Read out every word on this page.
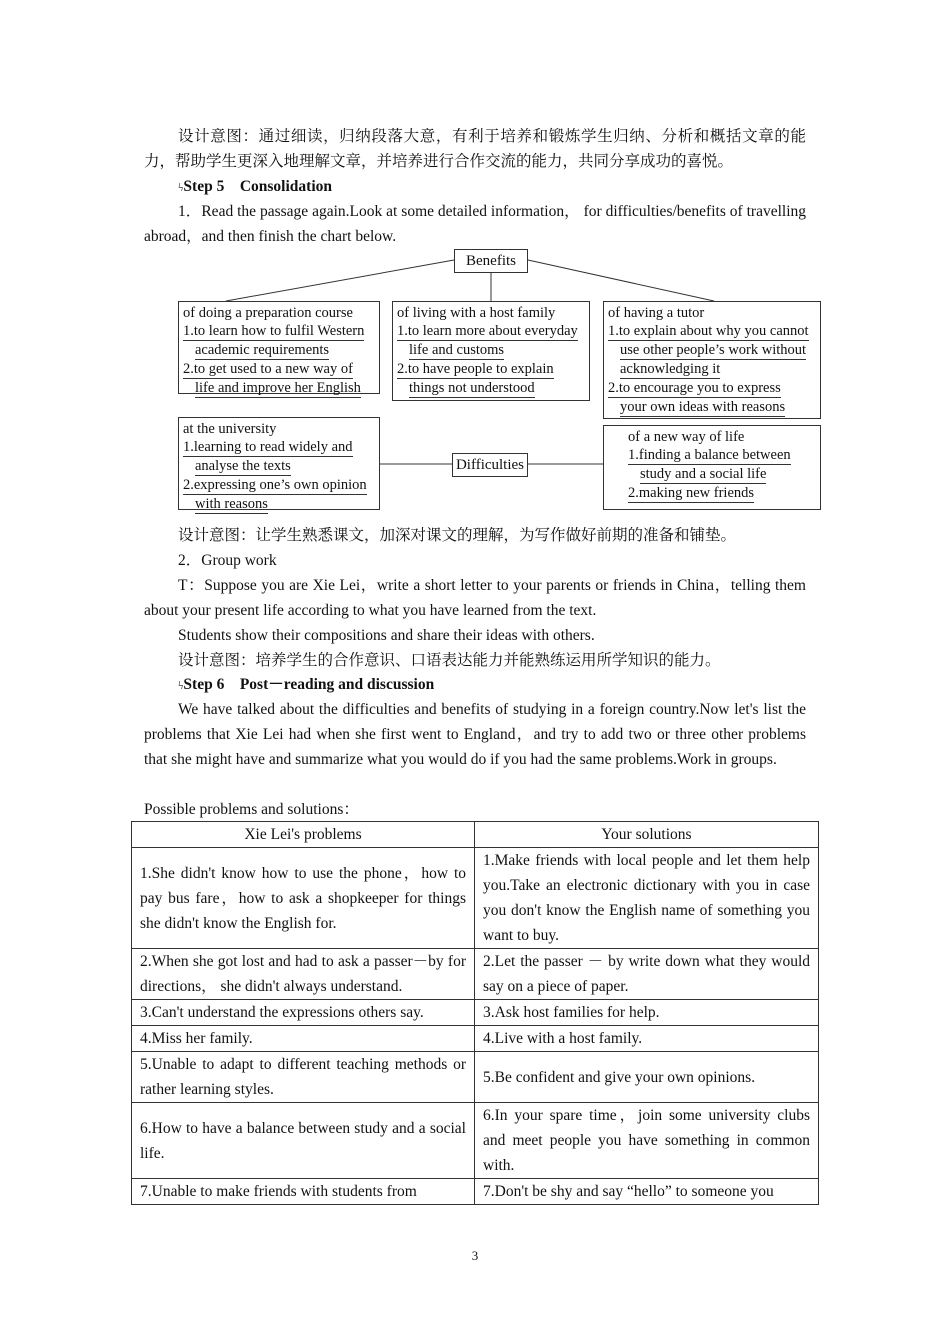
设计意图：通过细读，归纳段落大意，有利于培养和锻炼学生归纳、分析和概括文章的能力，帮助学生更深入地理解文章，并培养进行合作交流的能力，共同分享成功的喜悦。

ϟStep 5　Consolidation

1．Read the passage again.Look at some detailed information， for difficulties/benefits of travelling abroad，and then finish the chart below.

Benefits
of doing a preparation course
1.to learn how to fulfil Western
academic requirements
2.to get used to a new way of
life and improve her English
of living with a host family
1.to learn more about everyday
life and customs
2.to have people to explain
things not understood
of having a tutor
1.to explain about why you cannot
use other people’s work without
acknowledging it
2.to encourage you to express
your own ideas with reasons
at the university
1.learning to read widely and
analyse the texts
2.expressing one’s own opinion
with reasons
Difficulties
of a new way of life
1.finding a balance between
study and a social life
2.making new friends

设计意图：让学生熟悉课文，加深对课文的理解，为写作做好前期的准备和铺垫。

2．Group work

T：Suppose you are Xie Lei，write a short letter to your parents or friends in China，telling them about your present life according to what you have learned from the text.

Students show their compositions and share their ideas with others.

设计意图：培养学生的合作意识、口语表达能力并能熟练运用所学知识的能力。

ϟStep 6　Post－reading and discussion

We have talked about the difficulties and benefits of studying in a foreign country.Now let's list the problems that Xie Lei had when she first went to England，and try to add two or three other problems that she might have and summarize what you would do if you had the same problems.Work in groups.

Possible problems and solutions：

Xie Lei's problems	Your solutions
1.She didn't know how to use the phone，how to pay bus fare，how to ask a shopkeeper for things she didn't know the English for.	1.Make friends with local people and let them help you.Take an electronic dictionary with you in case you don't know the English name of something you want to buy.
2.When she got lost and had to ask a passer－by for directions， she didn't always understand.	2.Let the passer － by write down what they would say on a piece of paper.
3.Can't understand the expressions others say.	3.Ask host families for help.
4.Miss her family.	4.Live with a host family.
5.Unable to adapt to different teaching methods or rather learning styles.	5.Be confident and give your own opinions.
6.How to have a balance between study and a social life.	6.In your spare time，join some university clubs and meet people you have something in common with.
7.Unable to make friends with students from	7.Don't be shy and say “hello” to someone you
3
